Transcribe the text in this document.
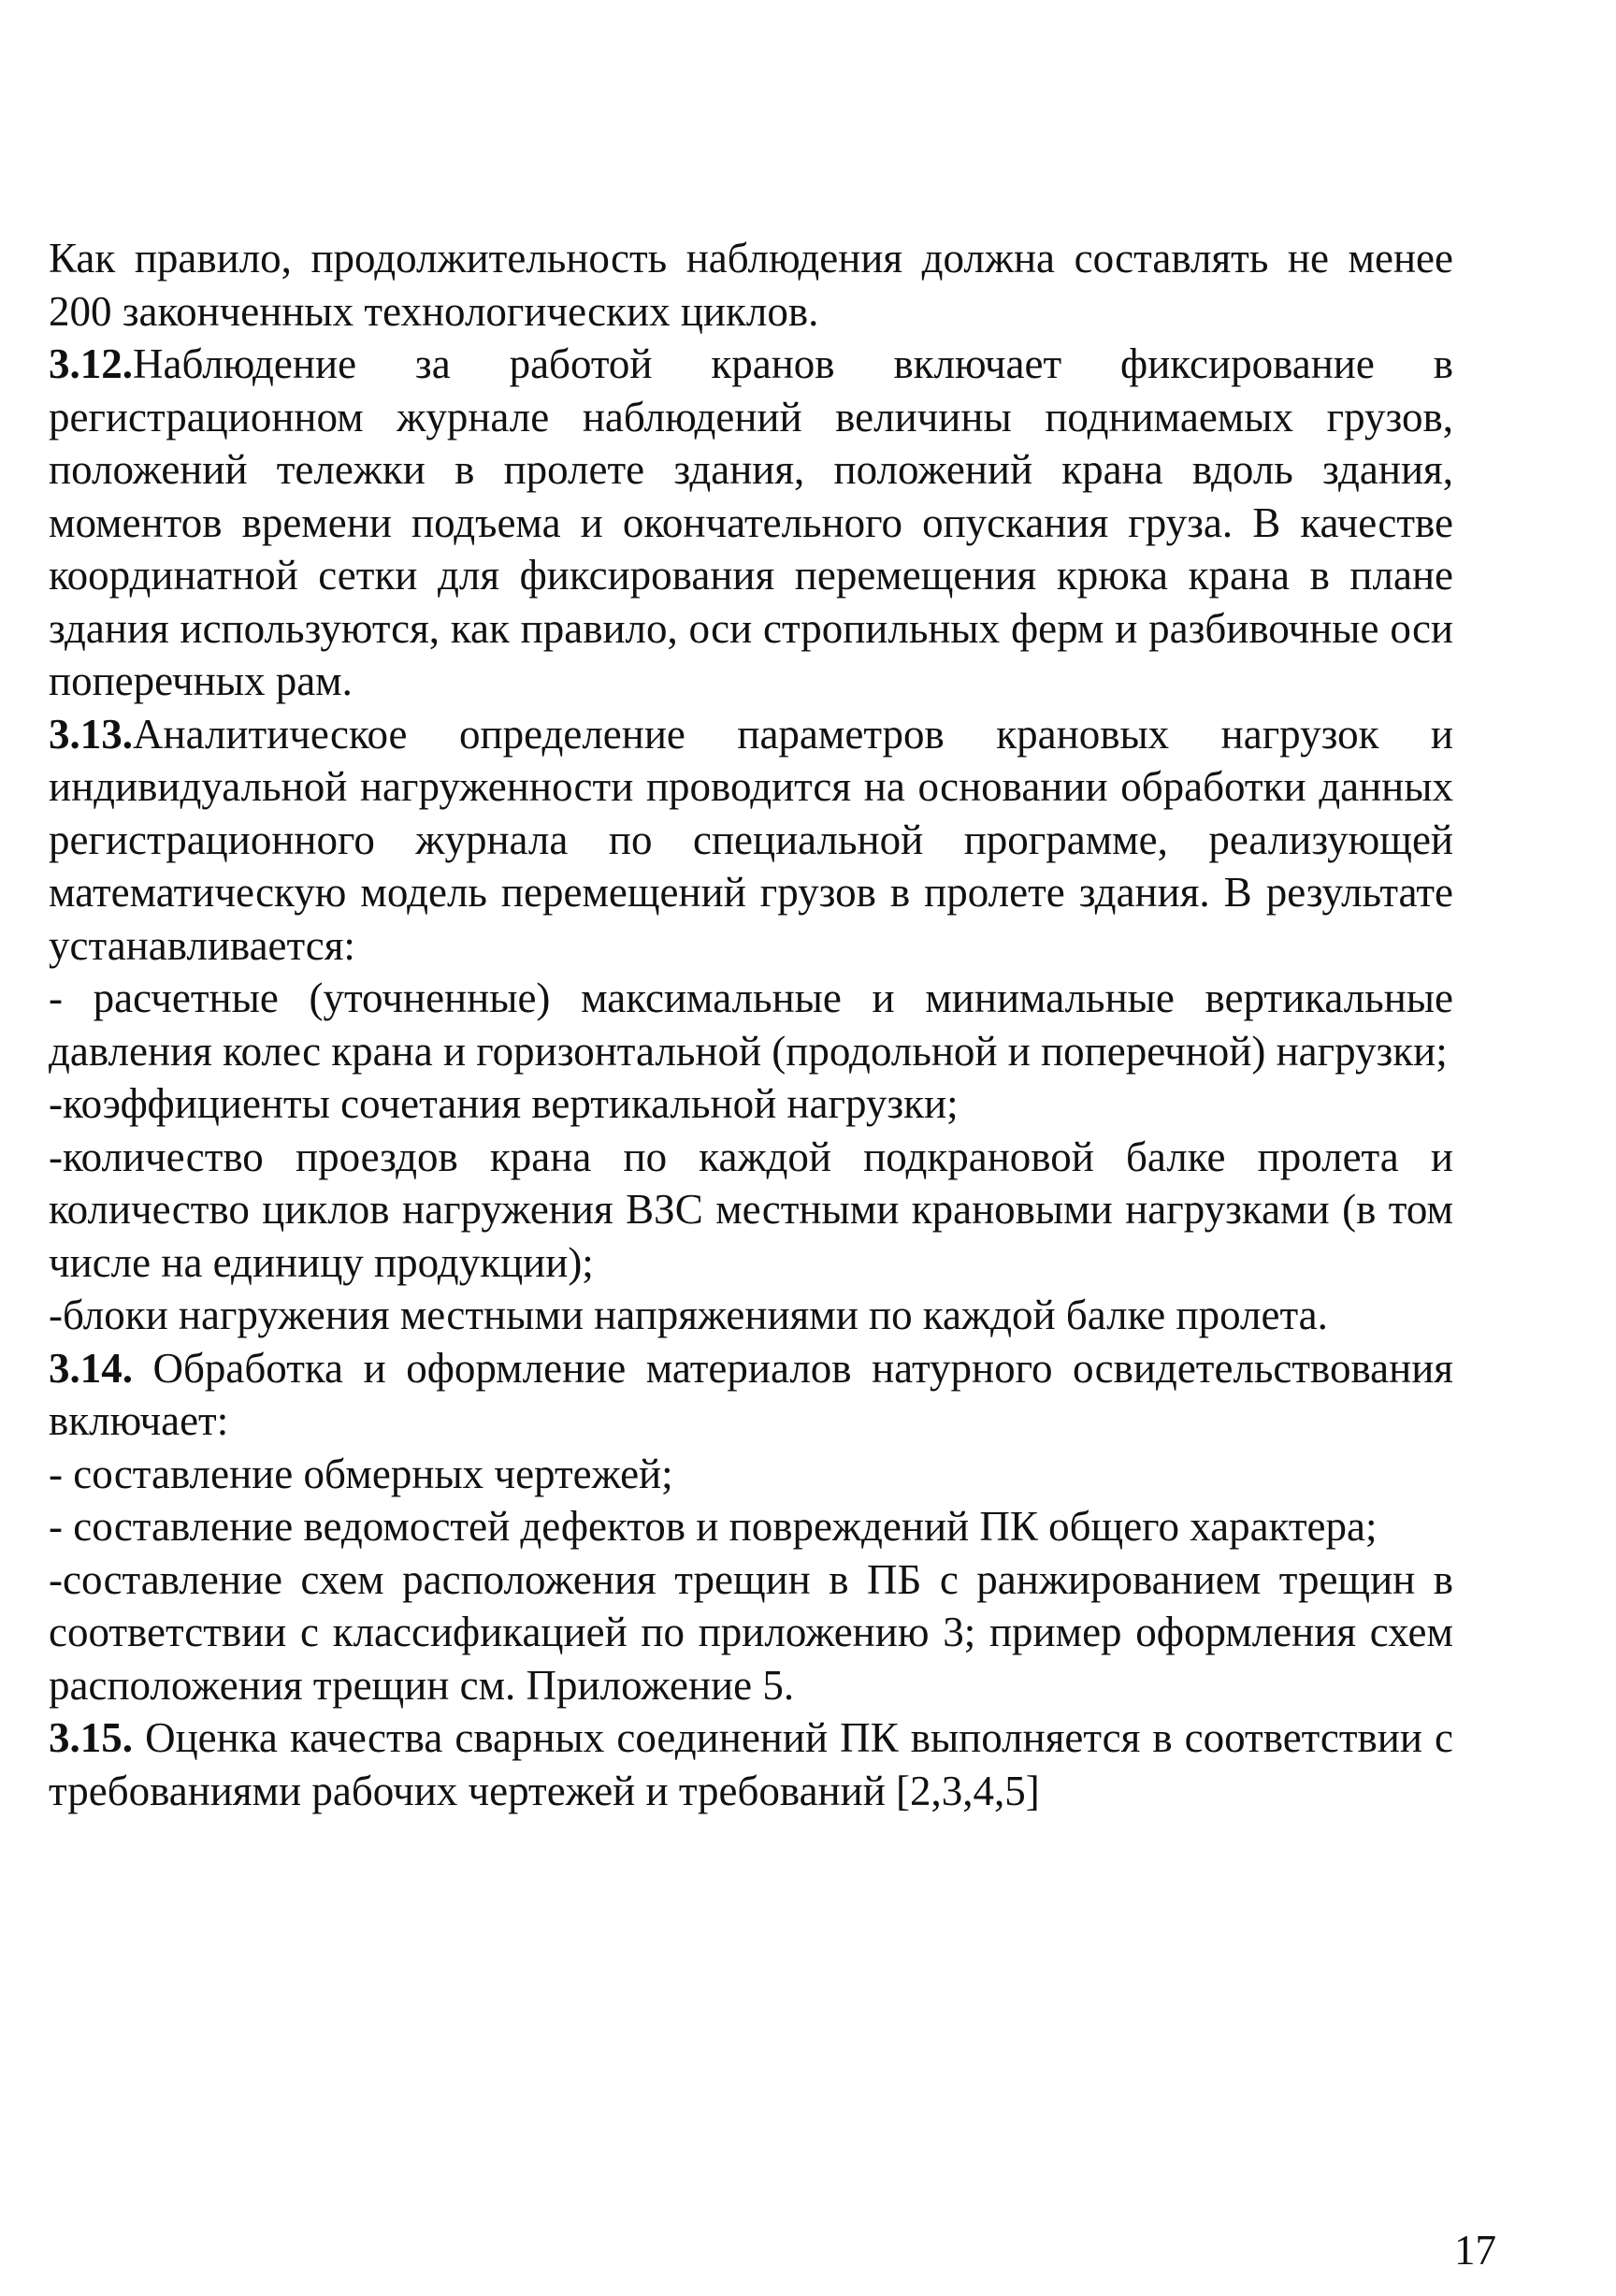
Как правило, продолжительность наблюдения должна составлять не менее 200 законченных технологических циклов.

3.12.Наблюдение за работой кранов включает фиксирование в регистрационном журнале наблюдений величины поднимаемых грузов, положений тележки в пролете здания, положений крана вдоль здания, моментов времени подъема и окончательного опускания груза. В качестве координатной сетки для фиксирования перемещения крюка крана в плане здания используются, как правило, оси стропильных ферм и разбивочные оси поперечных рам.

3.13.Аналитическое определение параметров крановых нагрузок и индивидуальной нагруженности проводится на основании обработки данных регистрационного журнала по специальной программе, реализующей математическую модель перемещений грузов в пролете здания. В результате устанавливается:

- расчетные (уточненные) максимальные и минимальные вертикальные давления колес крана и горизонтальной (продольной и поперечной) нагрузки;

-коэффициенты сочетания вертикальной нагрузки;

-количество проездов крана по каждой подкрановой балке пролета и количество циклов нагружения ВЗС местными крановыми нагрузками (в том числе на единицу продукции);

-блоки нагружения местными напряжениями по каждой балке пролета.

3.14. Обработка и оформление материалов натурного освидетельствования включает:

- составление обмерных чертежей;

- составление ведомостей дефектов и повреждений ПК общего характера;

-составление схем расположения трещин в ПБ с ранжированием трещин в соответствии с классификацией по приложению 3; пример оформления схем расположения трещин см. Приложение 5.

3.15. Оценка качества сварных соединений ПК выполняется в соответствии с требованиями рабочих чертежей и требований [2,3,4,5]

17
